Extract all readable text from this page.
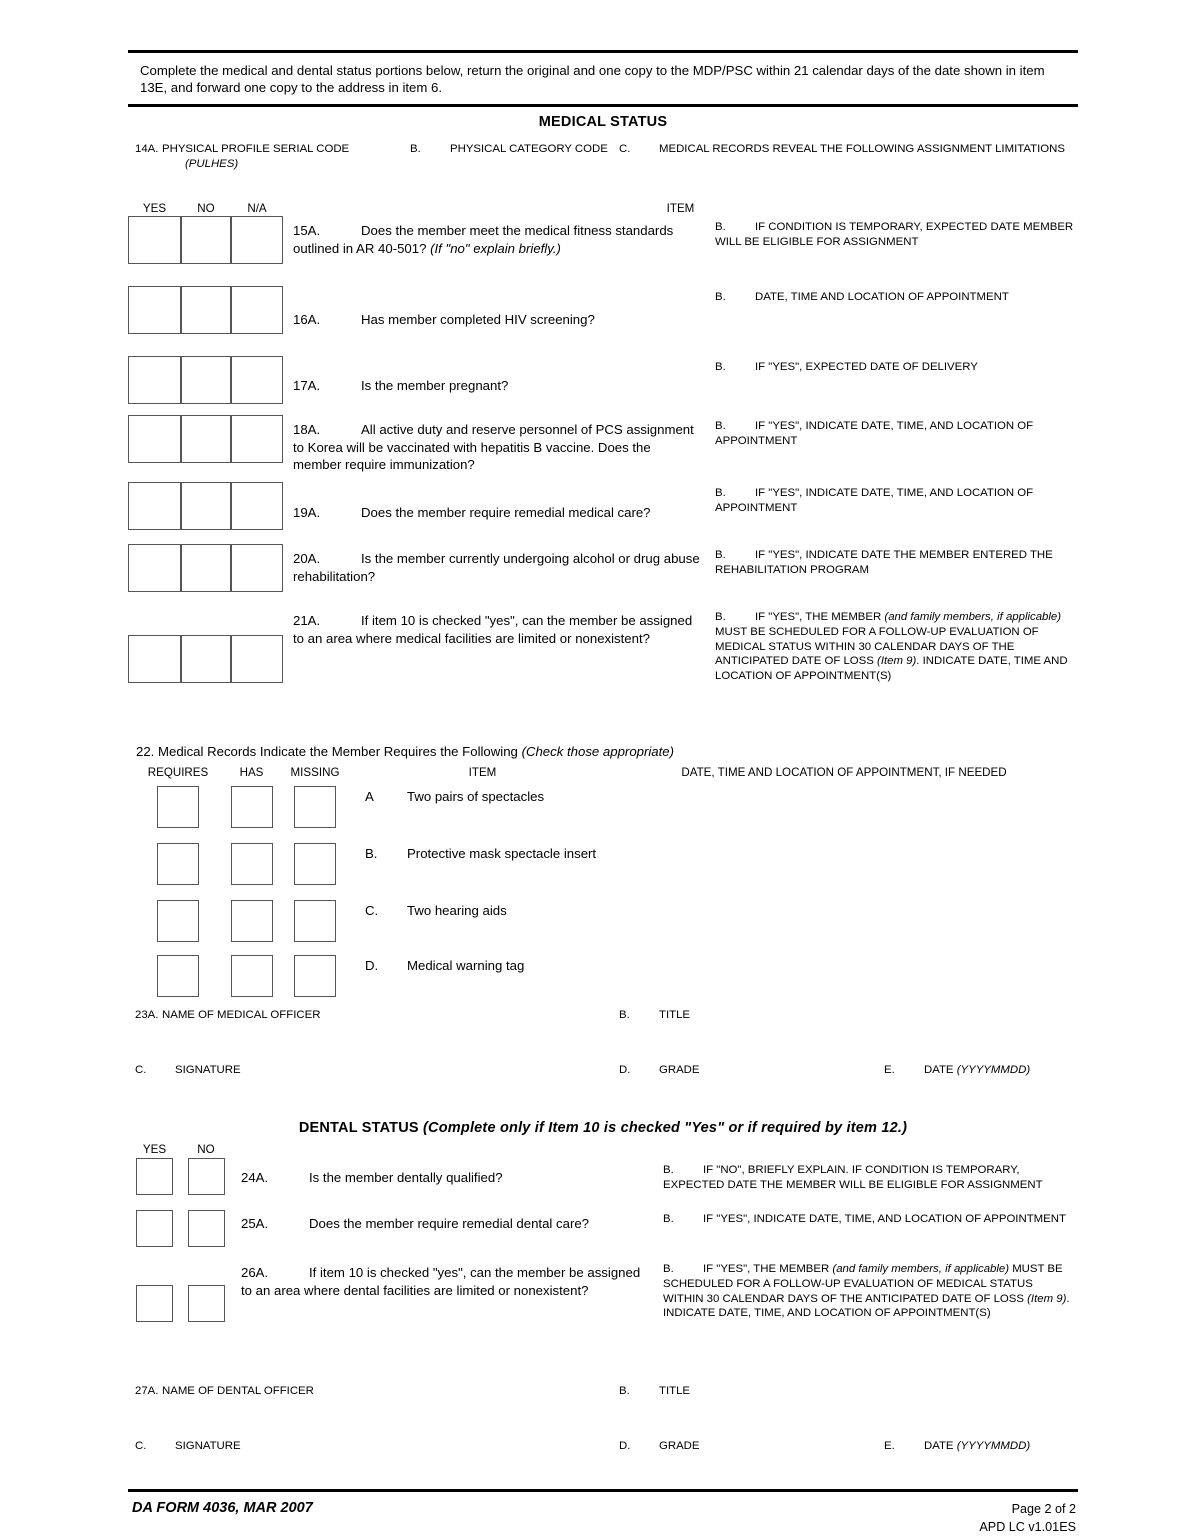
Complete the medical and dental status portions below, return the original and one copy to the MDP/PSC within 21 calendar days of the date shown in item 13E, and forward one copy to the address in item 6.
MEDICAL STATUS
14A. PHYSICAL PROFILE SERIAL CODE
(PULHES)

B.	PHYSICAL CATEGORY CODE	C.	MEDICAL RECORDS REVEAL THE FOLLOWING ASSIGNMENT LIMITATIONS
YES	NO	N/A	ITEM

			15A. Does the member meet the medical fitness standards outlined in AR 40-501? (If "no" explain briefly.)	B. IF CONDITION IS TEMPORARY, EXPECTED DATE MEMBER WILL BE ELIGIBLE FOR ASSIGNMENT

			16A. Has member completed HIV screening?	B. DATE, TIME AND LOCATION OF APPOINTMENT

			17A. Is the member pregnant?	B. IF "YES", EXPECTED DATE OF DELIVERY

			18A. All active duty and reserve personnel of PCS assignment to Korea will be vaccinated with hepatitis B vaccine. Does the member require immunization?	B. IF "YES", INDICATE DATE, TIME, AND LOCATION OF APPOINTMENT

			19A. Does the member require remedial medical care?	B. IF "YES", INDICATE DATE, TIME, AND LOCATION OF APPOINTMENT

			20A. Is the member currently undergoing alcohol or drug abuse rehabilitation?	B. IF "YES", INDICATE DATE THE MEMBER ENTERED THE REHABILITATION PROGRAM

			21A. If item 10 is checked "yes", can the member be assigned to an area where medical facilities are limited or nonexistent?	B. IF "YES", THE MEMBER (and family members, if applicable) MUST BE SCHEDULED FOR A FOLLOW-UP EVALUATION OF MEDICAL STATUS WITHIN 30 CALENDAR DAYS OF THE ANTICIPATED DATE OF LOSS (Item 9). INDICATE DATE, TIME AND LOCATION OF APPOINTMENT(S)
22. Medical Records Indicate the Member Requires the Following (Check those appropriate)
REQUIRES	HAS	MISSING	ITEM	DATE, TIME AND LOCATION OF APPOINTMENT, IF NEEDED

			A Two pairs of spectacles	

			B. Protective mask spectacle insert	

			C. Two hearing aids	

			D. Medical warning tag	

23A. NAME OF MEDICAL OFFICER	B. TITLE	

C. SIGNATURE	D. GRADE	E. DATE (YYYYMMDD)
DENTAL STATUS (Complete only if Item 10 is checked "Yes" or if required by item 12.)
YES	NO	

		24A. Is the member dentally qualified?	B. IF "NO", BRIEFLY EXPLAIN. IF CONDITION IS TEMPORARY, EXPECTED DATE THE MEMBER WILL BE ELIGIBLE FOR ASSIGNMENT

		25A. Does the member require remedial dental care?	B. IF "YES", INDICATE DATE, TIME, AND LOCATION OF APPOINTMENT

		26A. If item 10 is checked "yes", can the member be assigned to an area where dental facilities are limited or nonexistent?	B. IF "YES", THE MEMBER (and family members, if applicable) MUST BE SCHEDULED FOR A FOLLOW-UP EVALUATION OF MEDICAL STATUS WITHIN 30 CALENDAR DAYS OF THE ANTICIPATED DATE OF LOSS (Item 9). INDICATE DATE, TIME, AND LOCATION OF APPOINTMENT(S)
27A. NAME OF DENTAL OFFICER	B. TITLE	

C. SIGNATURE	D. GRADE	E. DATE (YYYYMMDD)
DA FORM 4036, MAR 2007	Page 2 of 2
APD LC v1.01ES
